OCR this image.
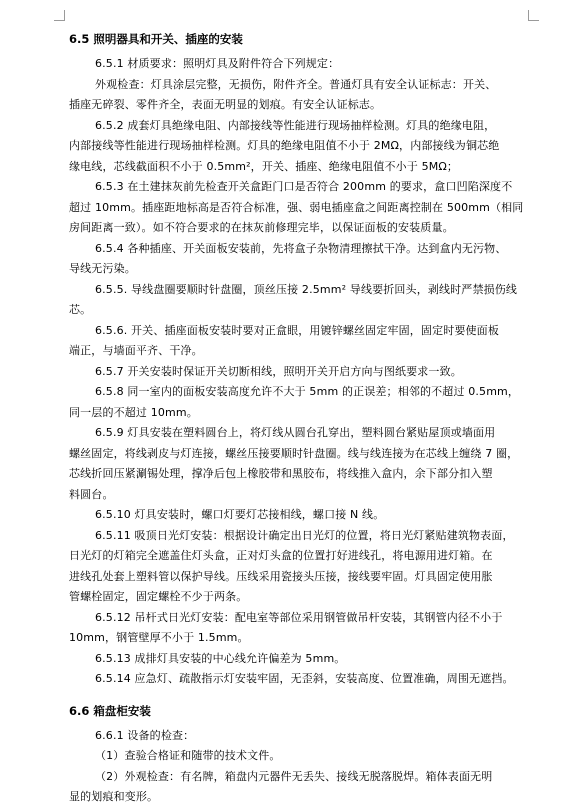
6.5 照明器具和开关、插座的安装
6.5.1 材质要求：照明灯具及附件符合下列规定：
外观检查：灯具涂层完整，无损伤，附件齐全。普通灯具有安全认证标志：开关、
插座无碎裂、零件齐全，表面无明显的划痕。有安全认证标志。
6.5.2 成套灯具绝缘电阻、内部接线等性能进行现场抽样检测。灯具的绝缘电阻，
内部接线等性能进行现场抽样检测。灯具的绝缘电阻值不小于 2MΩ，内部接线为铜芯绝
缘电线，芯线截面积不小于 0.5mm²，开关、插座、绝缘电阻值不小于 5MΩ；
6.5.3 在土建抹灰前先检查开关盒距门口是否符合 200mm 的要求，盒口凹陷深度不
超过 10mm。插座距地标高是否符合标准，强、弱电插座盒之间距离控制在 500mm（相同
房间距离一致）。如不符合要求的在抹灰前修理完毕，以保证面板的安装质量。
6.5.4 各种插座、开关面板安装前，先将盒子杂物清理擦拭干净。达到盒内无污物、
导线无污染。
6.5.5. 导线盘圈要顺时针盘圈，顶丝压接 2.5mm² 导线要折回头，剥线时严禁损伤线
芯。
6.5.6. 开关、插座面板安装时要对正盒眼，用镀锌螺丝固定牢固，固定时要使面板
端正，与墙面平齐、干净。
6.5.7 开关安装时保证开关切断相线，照明开关开启方向与图纸要求一致。
6.5.8 同一室内的面板安装高度允许不大于 5mm 的正误差；相邻的不超过 0.5mm，
同一层的不超过 10mm。
6.5.9 灯具安装在塑料圆台上，将灯线从圆台孔穿出，塑料圆台紧贴屋顶或墙面用
螺丝固定，将线剥皮与灯连接，螺丝压接要顺时针盘圈。线与线连接为在芯线上缠绕 7 圈，
芯线折回压紧涮锡处理，撑净后包上橡胶带和黑胶布，将线推入盒内，余下部分扣入塑
料圆台。
6.5.10 灯具安装时，螺口灯要灯芯接相线，螺口接 N 线。
6.5.11 吸顶日光灯安装：根据设计确定出日光灯的位置，将日光灯紧贴建筑物表面，
日光灯的灯箱完全遮盖住灯头盒，正对灯头盒的位置打好进线孔，将电源用进灯箱。在
进线孔处套上塑料管以保护导线。压线采用瓷接头压接，接线要牢固。灯具固定使用胀
管螺栓固定，固定螺栓不少于两条。
6.5.12 吊杆式日光灯安装：配电室等部位采用钢管做吊杆安装，其钢管内径不小于
10mm，钢管壁厚不小于 1.5mm。
6.5.13 成排灯具安装的中心线允许偏差为 5mm。
6.5.14 应急灯、疏散指示灯安装牢固，无歪斜，安装高度、位置准确，周围无遮挡。
6.6 箱盘柜安装
6.6.1 设备的检查：
（1）查验合格证和随带的技术文件。
（2）外观检查：有名牌，箱盘内元器件无丢失、接线无脱落脱焊。箱体表面无明
显的划痕和变形。
